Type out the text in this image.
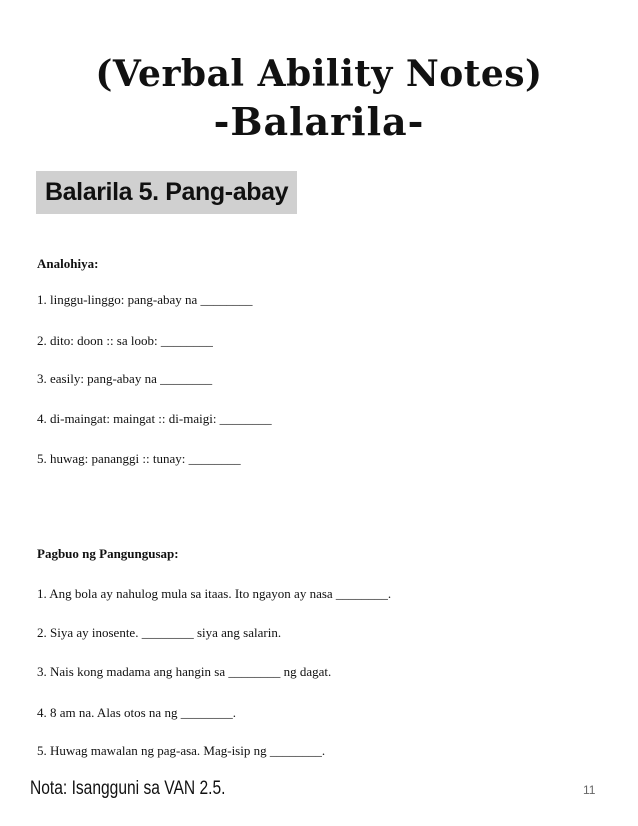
(Verbal Ability Notes)
-Balarila-
Balarila 5. Pang-abay
Analohiya:
1. linggu-linggo: pang-abay na ________
2. dito: doon :: sa loob: ________
3. easily: pang-abay na ________
4. di-maingat: maingat :: di-maigi: ________
5. huwag: pananggi :: tunay: ________
Pagbuo ng Pangungusap:
1. Ang bola ay nahulog mula sa itaas. Ito ngayon ay nasa ________.
2. Siya ay inosente. ________ siya ang salarin.
3. Nais kong madama ang hangin sa ________ ng dagat.
4. 8 am na. Alas otos na ng ________.
5. Huwag mawalan ng pag-asa. Mag-isip ng ________.
Nota: Isangguni sa VAN 2.5.	11
